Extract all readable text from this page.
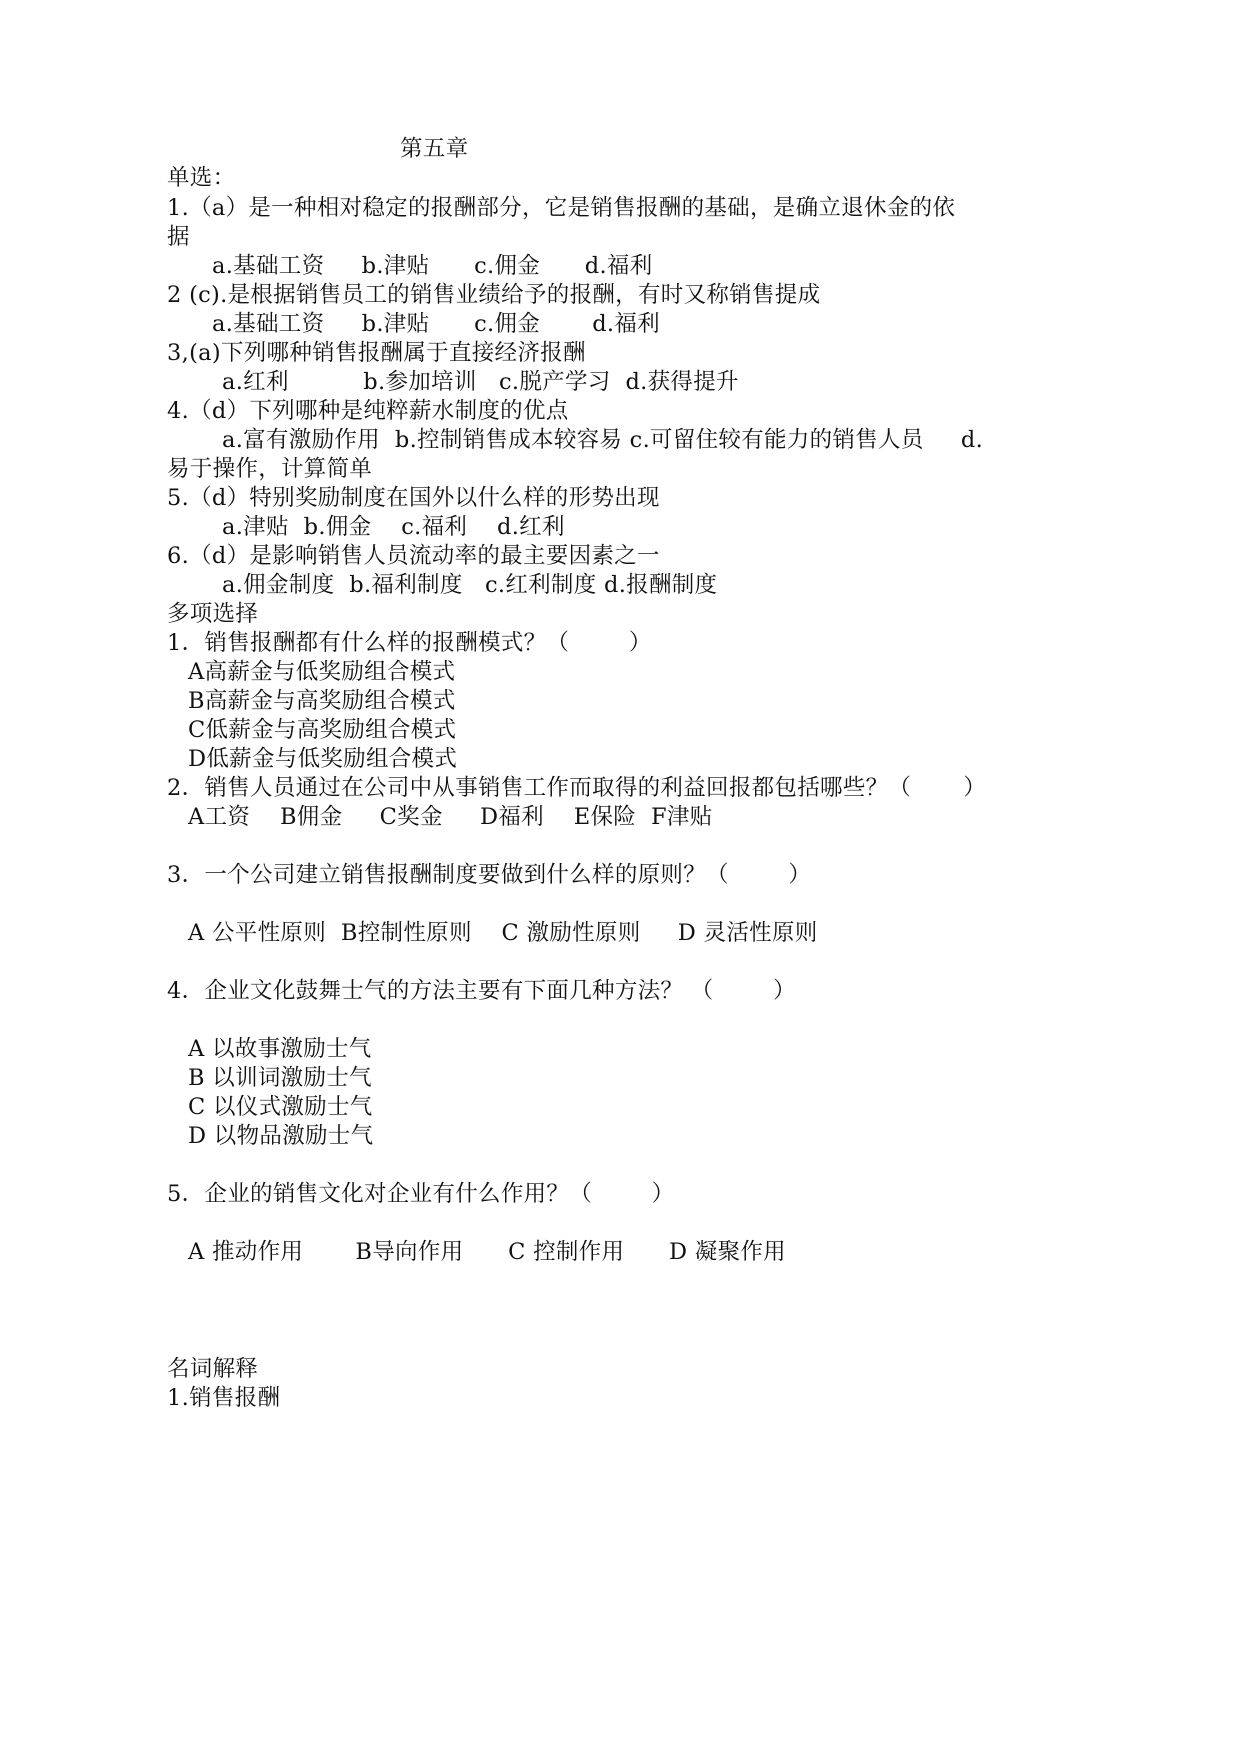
第五章
单选：
1.（a）是一种相对稳定的报酬部分，它是销售报酬的基础，是确立退休金的依
据
a.基础工资     b.津贴      c.佣金      d.福利
2 (c).是根据销售员工的销售业绩给予的报酬，有时又称销售提成
a.基础工资     b.津贴      c.佣金       d.福利
3,(a)下列哪种销售报酬属于直接经济报酬
a.红利          b.参加培训   c.脱产学习  d.获得提升
4.（d）下列哪种是纯粹薪水制度的优点
a.富有激励作用  b.控制销售成本较容易 c.可留住较有能力的销售人员     d.
易于操作，计算简单
5.（d）特别奖励制度在国外以什么样的形势出现
a.津贴  b.佣金    c.福利    d.红利
6.（d）是影响销售人员流动率的最主要因素之一
a.佣金制度  b.福利制度   c.红利制度 d.报酬制度
多项选择
1．销售报酬都有什么样的报酬模式？（        ）
A高薪金与低奖励组合模式
B高薪金与高奖励组合模式
C低薪金与高奖励组合模式
D低薪金与低奖励组合模式
2．销售人员通过在公司中从事销售工作而取得的利益回报都包括哪些？（       ）
A工资    B佣金     C奖金     D福利    E保险  F津贴
3．一个公司建立销售报酬制度要做到什么样的原则？（        ）
A 公平性原则  B控制性原则    C 激励性原则     D 灵活性原则
4．企业文化鼓舞士气的方法主要有下面几种方法？ （        ）
A 以故事激励士气
B 以训词激励士气
C 以仪式激励士气
D 以物品激励士气
5．企业的销售文化对企业有什么作用？（        ）
A 推动作用       B导向作用      C 控制作用      D 凝聚作用
名词解释
1.销售报酬
